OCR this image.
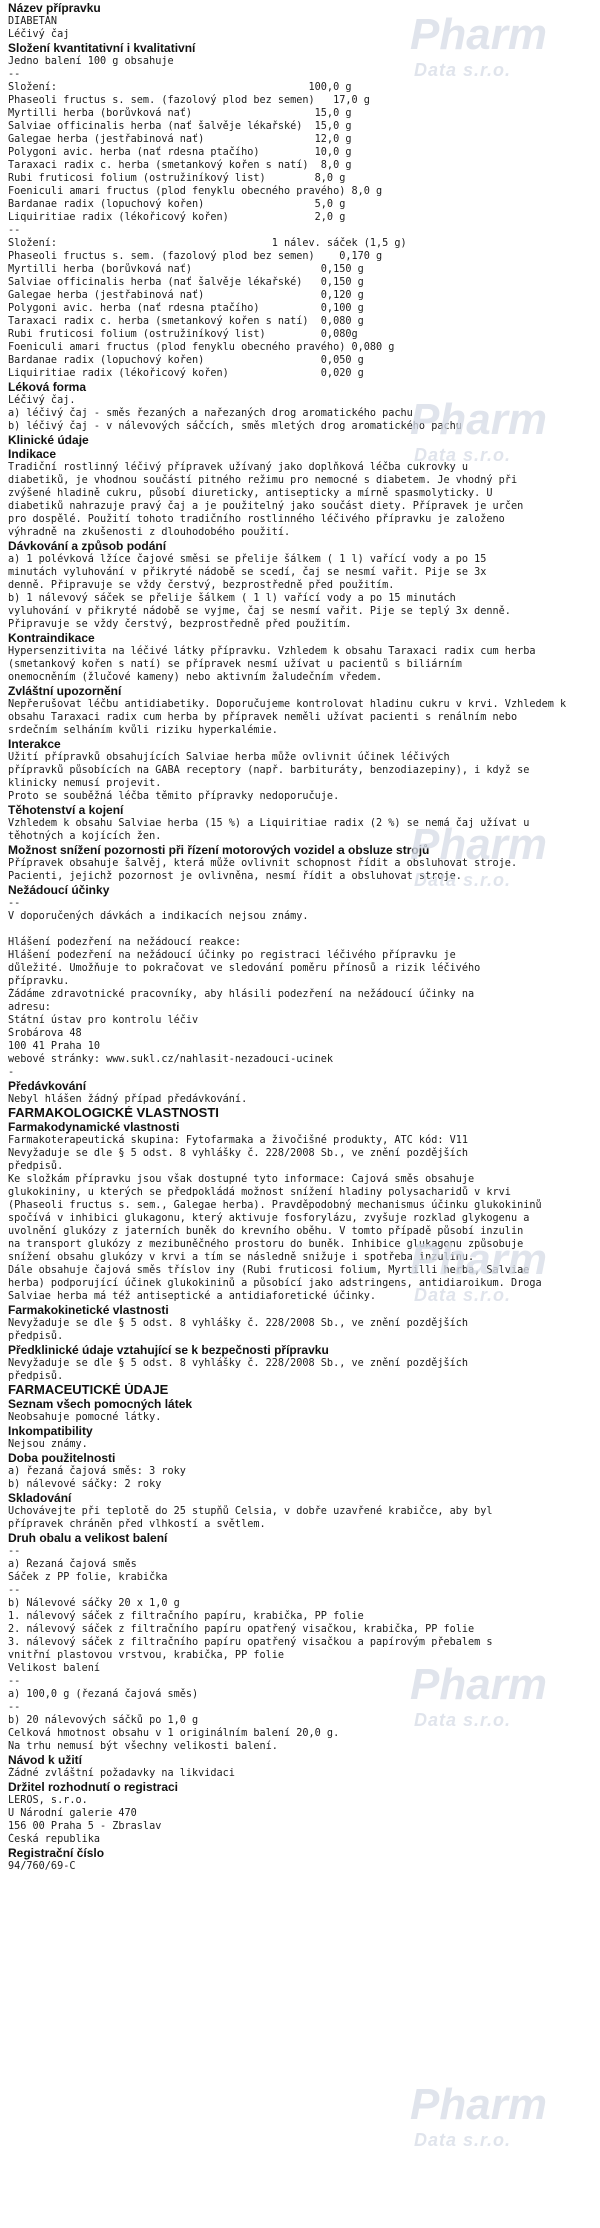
Název přípravku
DIABETAN
Léčivý čaj
Složení kvantitativní i kvalitativní
Jedno balení 100 g obsahuje
--
Složení:                                         100,0 g
Phaseoli fructus s. sem. (fazolový plod bez semen)   17,0 g
Myrtilli herba (borůvková nať)                    15,0 g
Salviae officinalis herba (nať šalvěje lékařské)  15,0 g
Galegae herba (jestřabinová nať)                  12,0 g
Polygoni avic. herba (nať rdesna ptačího)         10,0 g
Taraxaci radix c. herba (smetankový kořen s natí)  8,0 g
Rubi fruticosi folium (ostružiníkový list)        8,0 g
Foeniculi amari fructus (plod fenyklu obecného pravého) 8,0 g
Bardanae radix (lopuchový kořen)                  5,0 g
Liquiritiae radix (lékořicový kořen)              2,0 g
--
Složení:                                   1 nálev. sáček (1,5 g)
Phaseoli fructus s. sem. (fazolový plod bez semen)    0,170 g
Myrtilli herba (borůvková nať)                     0,150 g
Salviae officinalis herba (nať šalvěje lékařské)   0,150 g
Galegae herba (jestřabinová nať)                   0,120 g
Polygoni avic. herba (nať rdesna ptačího)          0,100 g
Taraxaci radix c. herba (smetankový kořen s natí)  0,080 g
Rubi fruticosi folium (ostružiníkový list)         0,080g
Foeniculi amari fructus (plod fenyklu obecného pravého) 0,080 g
Bardanae radix (lopuchový kořen)                   0,050 g
Liquiritiae radix (lékořicový kořen)               0,020 g
Léková forma
Léčivý čaj.
a) léčivý čaj - směs řezaných a nařezaných drog aromatického pachu
b) léčivý čaj - v nálevových sáčcích, směs mletých drog aromatického pachu
Klinické údaje
Indikace
Tradiční rostlinný léčivý přípravek užívaný jako doplňková léčba cukrovky u
diabetiků, je vhodnou součástí pitného režimu pro nemocné s diabetem. Je vhodný při
zvýšené hladině cukru, působí diureticky, antisepticky a mírně spasmolyticky. U
diabetiků nahrazuje pravý čaj a je použitelný jako součást diety. Přípravek je určen
pro dospělé. Použití tohoto tradičního rostlinného léčivého přípravku je založeno
výhradně na zkušenosti z dlouhodobého použití.
Dávkování a způsob podání
a) 1 polévková lžíce čajové směsi se přelije šálkem ( 1 l) vařící vody a po 15
minutách vyluhování v přikryté nádobě se scedí, čaj se nesmí vařit. Pije se 3x
denně. Připravuje se vždy čerstvý, bezprostředně před použitím.
b) 1 nálevový sáček se přelije šálkem ( 1 l) vařící vody a po 15 minutách
vyluhování v přikryté nádobě se vyjme, čaj se nesmí vařit. Pije se teplý 3x denně.
Připravuje se vždy čerstvý, bezprostředně před použitím.
Kontraindikace
Hypersenzitivita na léčivé látky přípravku. Vzhledem k obsahu Taraxaci radix cum herba
(smetankový kořen s natí) se přípravek nesmí užívat u pacientů s biliárním
onemocněním (žlučové kameny) nebo aktivním žaludečním vředem.
Zvláštní upozornění
Nepřerušovat léčbu antidiabetiky. Doporučujeme kontrolovat hladinu cukru v krvi. Vzhledem k
obsahu Taraxaci radix cum herba by přípravek neměli užívat pacienti s renálním nebo
srdečním selháním kvůli riziku hyperkalémie.
Interakce
Užití přípravků obsahujících Salviae herba může ovlivnit účinek léčivých
přípravků působících na GABA receptory (např. barbituráty, benzodiazepiny), i když se
klinicky nemusí projevit.
Proto se souběžná léčba těmito přípravky nedoporučuje.
Těhotenství a kojení
Vzhledem k obsahu Salviae herba (15 %) a Liquiritiae radix (2 %) se nemá čaj užívat u
těhotných a kojících žen.
Možnost snížení pozornosti při řízení motorových vozidel a obsluze strojů
Přípravek obsahuje šalvěj, která může ovlivnit schopnost řídit a obsluhovat stroje.
Pacienti, jejichž pozornost je ovlivněna, nesmí řídit a obsluhovat stroje.
Nežádoucí účinky
--
V doporučených dávkách a indikacích nejsou známy.
Hlášení podezření na nežádoucí reakce:
Hlášení podezření na nežádoucí účinky po registraci léčivého přípravku je
důležité. Umožňuje to pokračovat ve sledování poměru přínosů a rizik léčivého
přípravku.
Žádáme zdravotnické pracovníky, aby hlásili podezření na nežádoucí účinky na
adresu:
Státní ústav pro kontrolu léčiv
Šrobárova 48
100 41 Praha 10
webové stránky: www.sukl.cz/nahlasit-nezadouci-ucinek
-
Předávkování
Nebyl hlášen žádný případ předávkování.
FARMAKOLOGICKÉ VLASTNOSTI
Farmakodynamické vlastnosti
Farmakoterapeutická skupina: Fytofarmaka a živočišné produkty, ATC kód: V11
Nevyžaduje se dle § 5 odst. 8 vyhlášky č. 228/2008 Sb., ve znění pozdějších
předpisů.
Ke složkám přípravku jsou však dostupné tyto informace: Čajová směs obsahuje
glukokininy, u kterých se předpokládá možnost snížení hladiny polysacharidů v krvi
(Phaseoli fructus s. sem., Galegae herba). Pravděpodobný mechanismus účinku glukokininů
spočívá v inhibici glukagonu, který aktivuje fosforylázu, zvyšuje rozklad glykogenu a
uvolnění glukózy z jaterních buněk do krevního oběhu. V tomto případě působí inzulin
na transport glukózy z mezibuněčného prostoru do buněk. Inhibice glukagonu způsobuje
snížení obsahu glukózy v krvi a tím se následně snižuje i spotřeba inzulinu.
Dále obsahuje čajová směs tříslov iny (Rubi fruticosi folium, Myrtilli herba, Salviae
herba) podporující účinek glukokininů a působící jako adstringens, antidiaroikum. Droga
Salviae herba má též antiseptické a antidiaforetické účinky.
Farmakokinetické vlastnosti
Nevyžaduje se dle § 5 odst. 8 vyhlášky č. 228/2008 Sb., ve znění pozdějších
předpisů.
Předklinické údaje vztahující se k bezpečnosti přípravku
Nevyžaduje se dle § 5 odst. 8 vyhlášky č. 228/2008 Sb., ve znění pozdějších
předpisů.
FARMACEUTICKÉ ÚDAJE
Seznam všech pomocných látek
Neobsahuje pomocné látky.
Inkompatibility
Nejsou známy.
Doba použitelnosti
a) řezaná čajová směs: 3 roky
b) nálevové sáčky: 2 roky
Skladování
Uchovávejte při teplotě do 25 stupňů Celsia, v dobře uzavřené krabičce, aby byl
přípravek chráněn před vlhkostí a světlem.
Druh obalu a velikost balení
--
a) Řezaná čajová směs
Sáček z PP folie, krabička
--
b) Nálevové sáčky 20 x 1,0 g
1. nálevový sáček z filtračního papíru, krabička, PP folie
2. nálevový sáček z filtračního papíru opatřený visačkou, krabička, PP folie
3. nálevový sáček z filtračního papíru opatřený visačkou a papírovým přebalem s
vnitřní plastovou vrstvou, krabička, PP folie
Velikost balení
--
a) 100,0 g (řezaná čajová směs)
--
b) 20 nálevových sáčků po 1,0 g
Celková hmotnost obsahu v 1 originálním balení 20,0 g.
Na trhu nemusí být všechny velikosti balení.
Návod k užití
Žádné zvláštní požadavky na likvidaci
Držitel rozhodnutí o registraci
LEROS, s.r.o.
U Národní galerie 470
156 00 Praha 5 - Zbraslav
Česká republika
Registrační číslo
94/760/69-C
Pharm
Data s.r.o.
Pharm
Data s.r.o.
Pharm
Data s.r.o.
Pharm
Data s.r.o.
Pharm
Data s.r.o.
Pharm
Data s.r.o.
